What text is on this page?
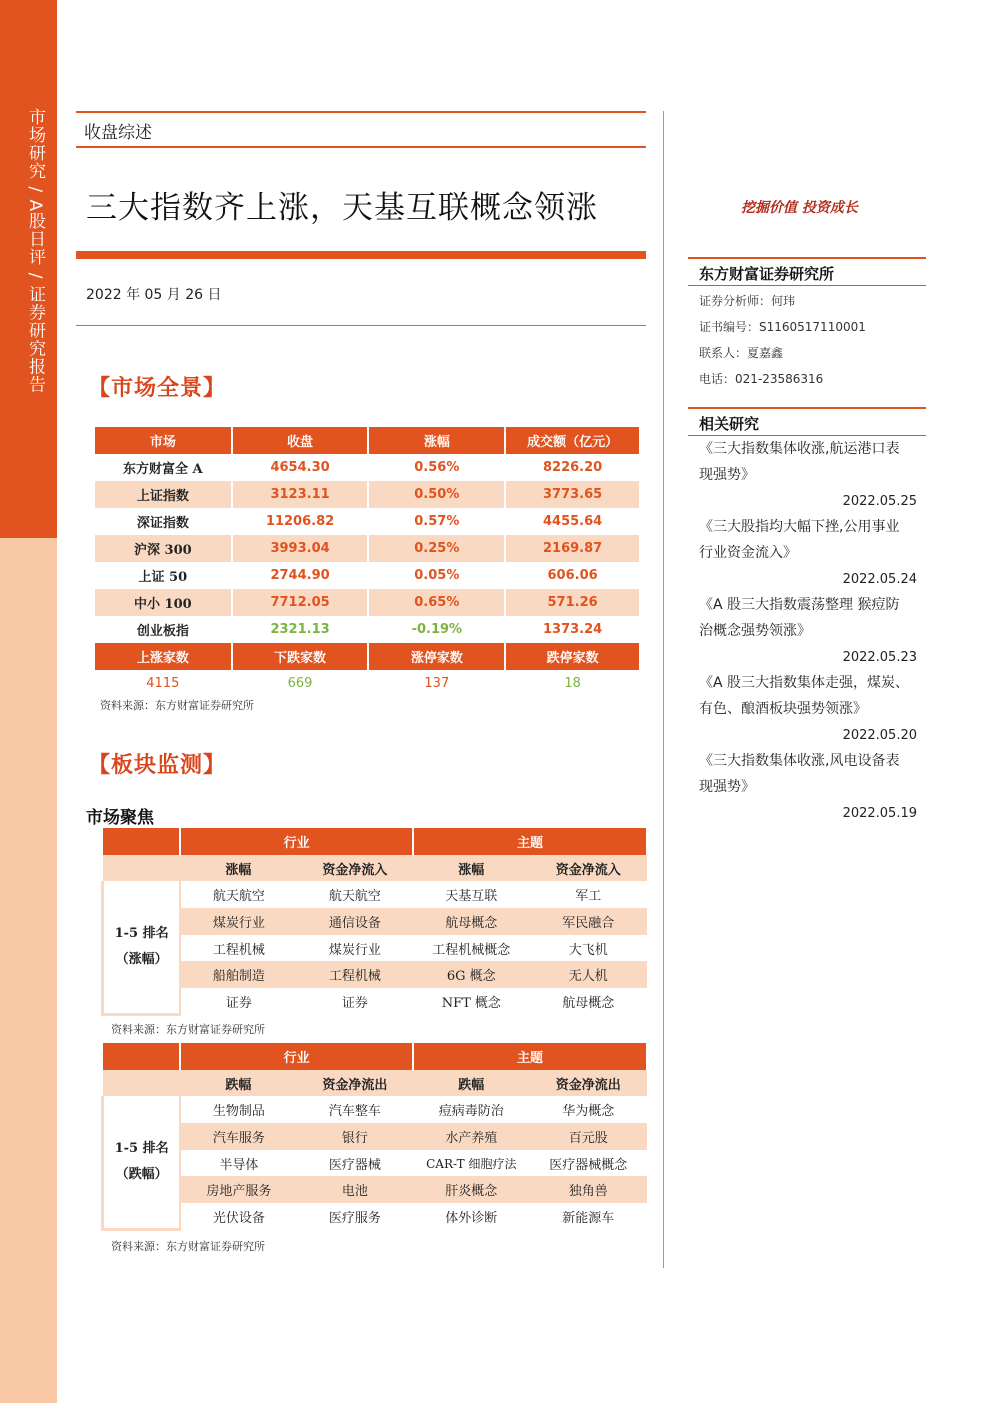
市场研究 / A股日评 / 证券研究报告 收盘综述
三大指数齐上涨，天基互联概念领涨
2022 年 05 月 26 日
【市场全景】
市场	收盘	涨幅	成交额（亿元）
东方财富全 A	4654.30	0.56%	8226.20
上证指数	3123.11	0.50%	3773.65
深证指数	11206.82	0.57%	4455.64
沪深 300	3993.04	0.25%	2169.87
上证 50	2744.90	0.05%	606.06
中小 100	7712.05	0.65%	571.26
创业板指	2321.13	-0.19%	1373.24
上涨家数	下跌家数	涨停家数	跌停家数
4115	669	137	18
资料来源：东方财富证券研究所
【板块监测】
市场聚焦
	行业		主题	
	涨幅	资金净流入	涨幅	资金净流入
1-5 排名
（涨幅）	航天航空	航天航空	天基互联	军工
	煤炭行业	通信设备	航母概念	军民融合
	工程机械	煤炭行业	工程机械概念	大飞机
	船舶制造	工程机械	6G 概念	无人机
	证券	证券	NFT 概念	航母概念
资料来源：东方财富证券研究所
	行业		主题	
	跌幅	资金净流出	跌幅	资金净流出
1-5 排名
（跌幅）	生物制品	汽车整车	痘病毒防治	华为概念
	汽车服务	银行	水产养殖	百元股
	半导体	医疗器械	CAR-T 细胞疗法	医疗器械概念
	房地产服务	电池	肝炎概念	独角兽
	光伏设备	医疗服务	体外诊断	新能源车
资料来源：东方财富证券研究所
挖掘价值 投资成长
东方财富证券研究所
证券分析师：何玮
证书编号：S1160517110001
联系人：夏嘉鑫
电话：021-23586316
相关研究
《三大指数集体收涨,航运港口表
现强势》
2022.05.25
《三大股指均大幅下挫,公用事业
行业资金流入》
2022.05.24
《A 股三大指数震荡整理 猴痘防
治概念强势领涨》
2022.05.23
《A 股三大指数集体走强，煤炭、
有色、酿酒板块强势领涨》
2022.05.20
《三大指数集体收涨,风电设备表
现强势》
2022.05.19
